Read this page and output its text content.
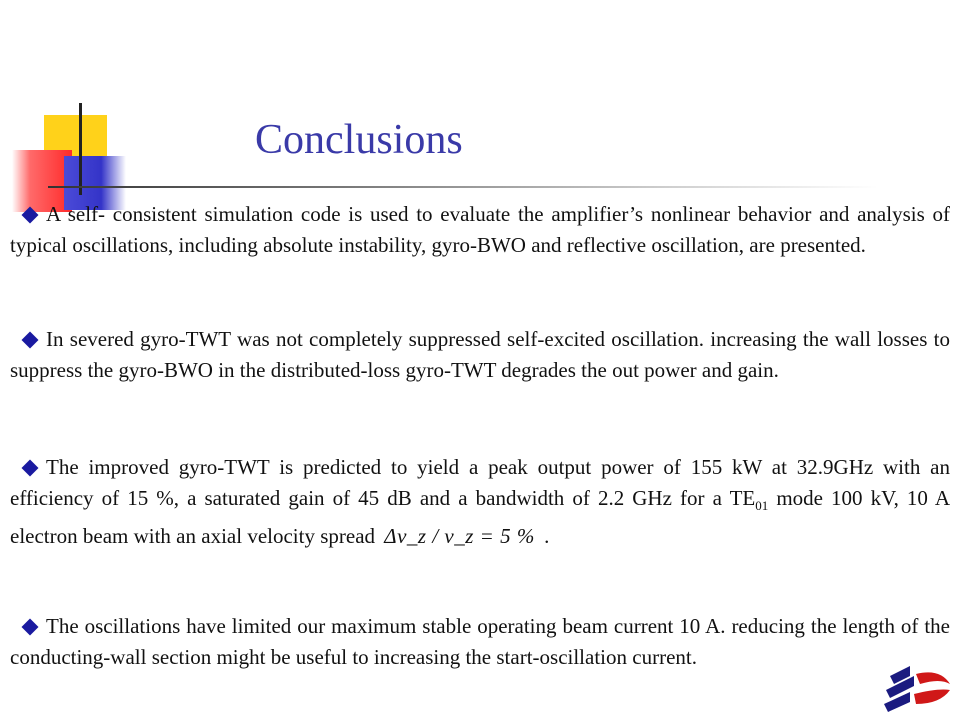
Conclusions

A self- consistent simulation code is used to evaluate the amplifier’s nonlinear behavior and analysis of typical oscillations, including absolute instability, gyro-BWO and reflective oscillation, are presented.

In severed gyro-TWT was not completely suppressed self-excited oscillation. increasing the wall losses to suppress the gyro-BWO in the distributed-loss gyro-TWT degrades the out power and gain.

The improved gyro-TWT is predicted to yield a peak output power of 155 kW at 32.9GHz with an efficiency of 15 %, a saturated gain of 45 dB and a bandwidth of 2.2 GHz for a $TE_{01}$ mode 100 kV, 10 A electron beam with an axial velocity spread Δv_z / v_z = 5 % .

The oscillations have limited our maximum stable operating beam current 10 A. reducing the length of the conducting-wall section might be useful to increasing the start-oscillation current.
